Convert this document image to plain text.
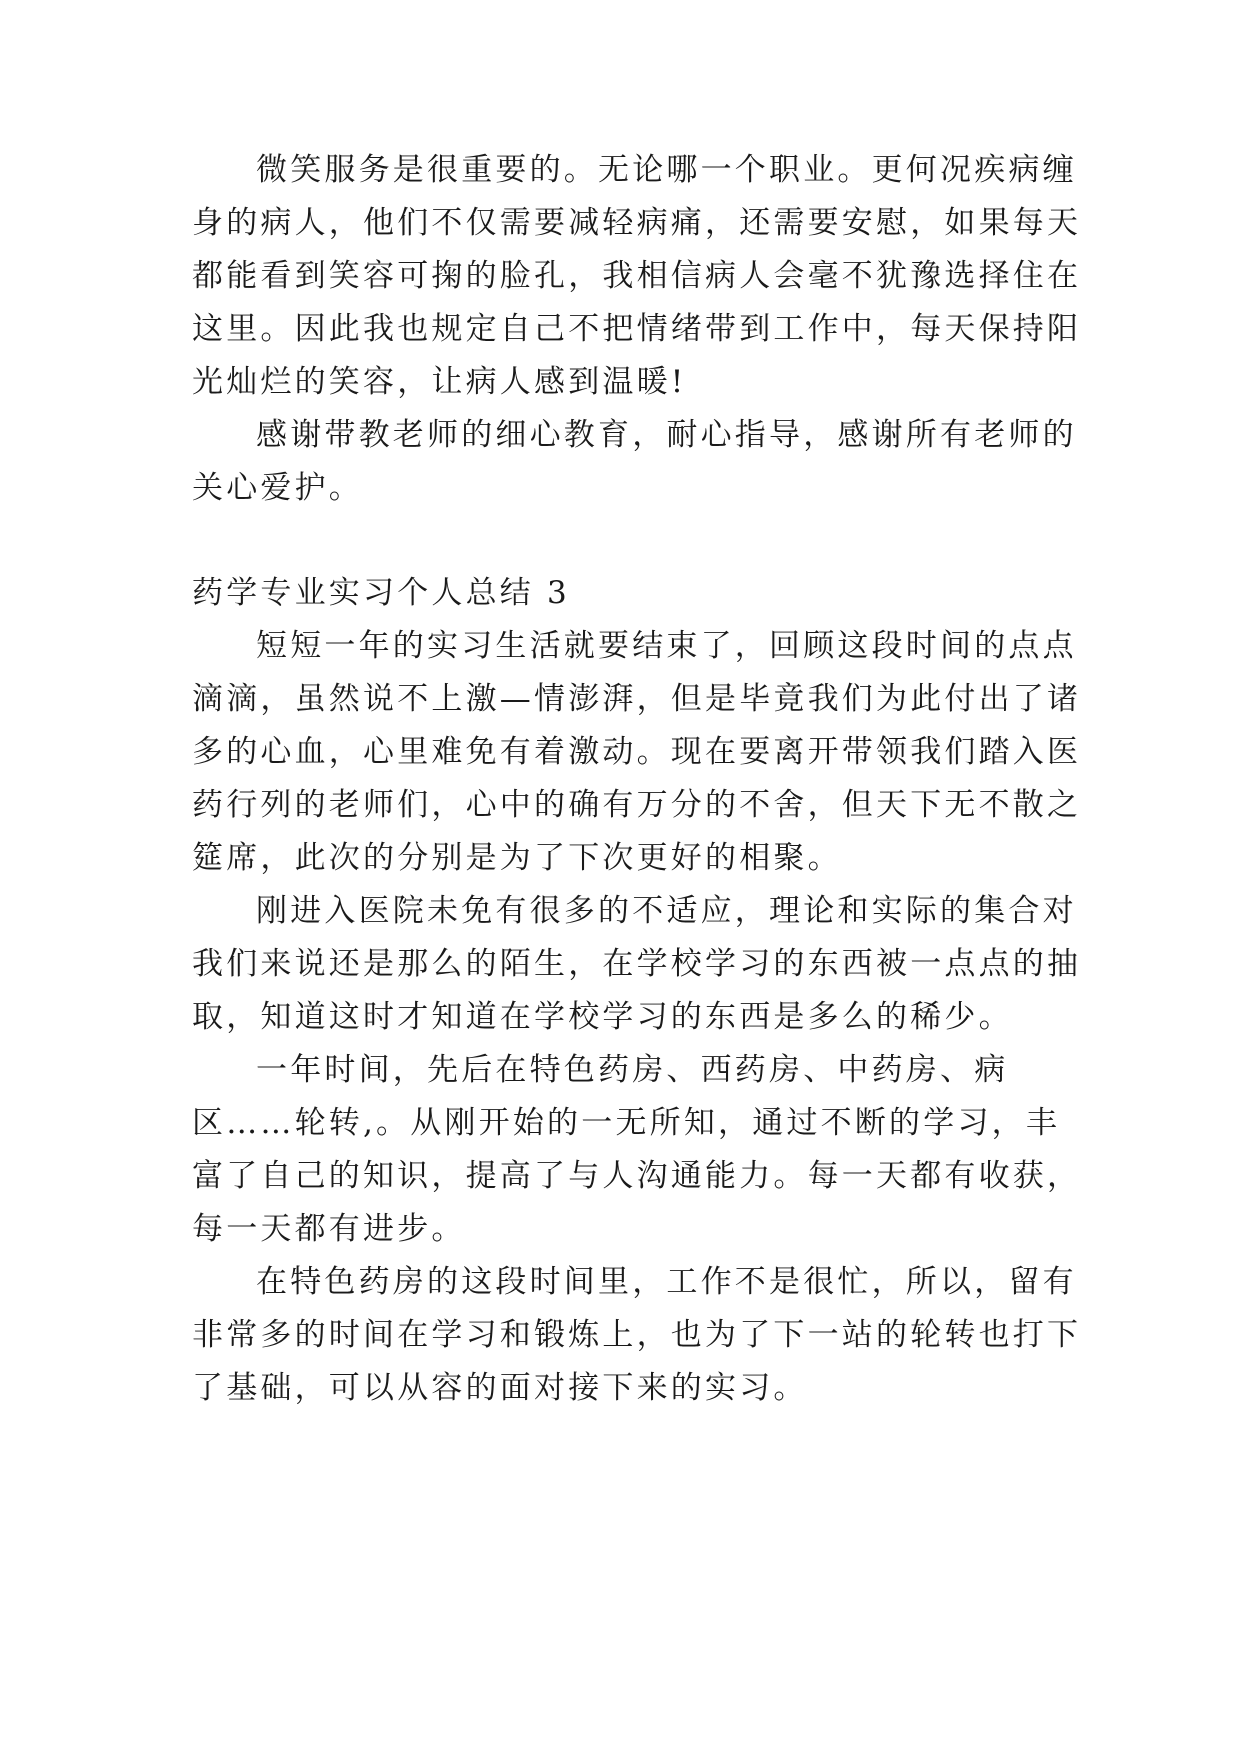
微笑服务是很重要的。无论哪一个职业。更何况疾病缠
身的病人，他们不仅需要减轻病痛，还需要安慰，如果每天
都能看到笑容可掬的脸孔，我相信病人会毫不犹豫选择住在
这里。因此我也规定自己不把情绪带到工作中，每天保持阳
光灿烂的笑容，让病人感到温暖!
感谢带教老师的细心教育，耐心指导，感谢所有老师的
关心爱护。
药学专业实习个人总结 3
短短一年的实习生活就要结束了，回顾这段时间的点点
滴滴，虽然说不上激—情澎湃，但是毕竟我们为此付出了诸
多的心血，心里难免有着激动。现在要离开带领我们踏入医
药行列的老师们，心中的确有万分的不舍，但天下无不散之
筵席，此次的分别是为了下次更好的相聚。
刚进入医院未免有很多的不适应，理论和实际的集合对
我们来说还是那么的陌生，在学校学习的东西被一点点的抽
取，知道这时才知道在学校学习的东西是多么的稀少。
一年时间，先后在特色药房、西药房、中药房、病
区……轮转,。从刚开始的一无所知，通过不断的学习，丰
富了自己的知识，提高了与人沟通能力。每一天都有收获，
每一天都有进步。
在特色药房的这段时间里，工作不是很忙，所以，留有
非常多的时间在学习和锻炼上，也为了下一站的轮转也打下
了基础，可以从容的面对接下来的实习。
